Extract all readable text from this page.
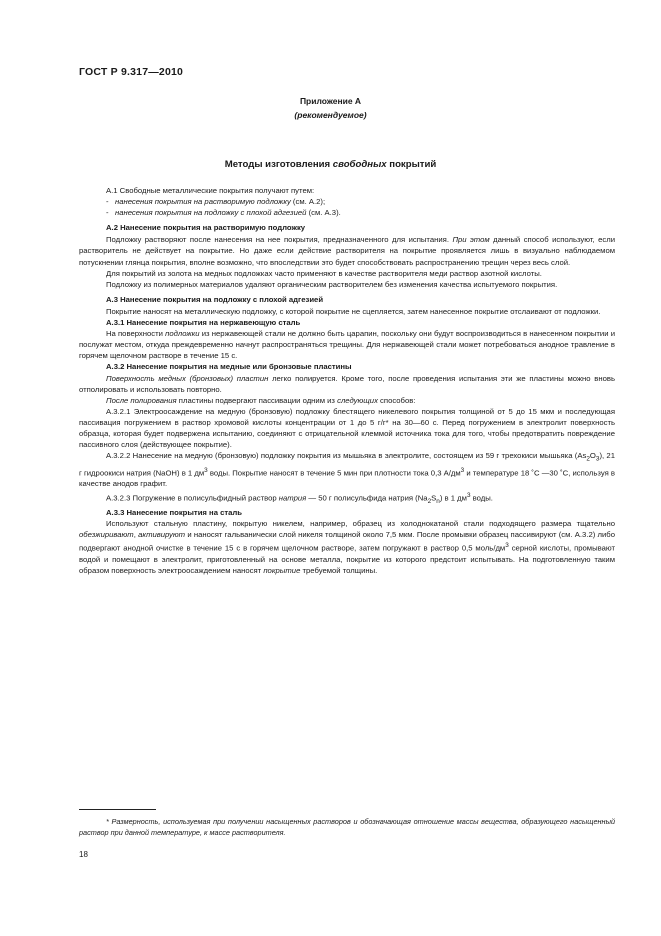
ГОСТ Р 9.317—2010
Приложение А
(рекомендуемое)
Методы изготовления свободных покрытий

А.1 Свободные металлические покрытия получают путем:

- нанесения покрытия на растворимую подложку (см. А.2);
- нанесения покрытия на подложку с плохой адгезией (см. А.3).

А.2 Нанесение покрытия на растворимую подложку

Подложку растворяют после нанесения на нее покрытия, предназначенного для испытания. При этом данный способ используют, если растворитель не действует на покрытие. Но даже если действие растворителя на покрытие проявляется лишь в визуально наблюдаемом потускнении глянца покрытия, вполне возможно, что впоследствии это будет способствовать распространению трещин через весь слой.

Для покрытий из золота на медных подложках часто применяют в качестве растворителя меди раствор азотной кислоты.

Подложку из полимерных материалов удаляют органическим растворителем без изменения качества испытуемого покрытия.

А.3 Нанесение покрытия на подложку с плохой адгезией

Покрытие наносят на металлическую подложку, с которой покрытие не сцепляется, затем нанесенное покрытие отслаивают от подложки.

А.3.1 Нанесение покрытия на нержавеющую сталь

На поверхности подложки из нержавеющей стали не должно быть царапин, поскольку они будут воспроизводиться в нанесенном покрытии и послужат местом, откуда преждевременно начнут распространяться трещины. Для нержавеющей стали может потребоваться анодное травление в горячем щелочном растворе в течение 15 с.

А.3.2 Нанесение покрытия на медные или бронзовые пластины

Поверхность медных (бронзовых) пластин легко полируется. Кроме того, после проведения испытания эти же пластины можно вновь отполировать и использовать повторно.

После полирования пластины подвергают пассивации одним из следующих способов:

А.3.2.1 Электроосаждение на медную (бронзовую) подложку блестящего никелевого покрытия толщиной от 5 до 15 мкм и последующая пассивация погружением в раствор хромовой кислоты концентрации от 1 до 5 г/г* на 30—60 с. Перед погружением в электролит поверхность образца, которая будет подвержена испытанию, соединяют с отрицательной клеммой источника тока для того, чтобы предотвратить повреждение пассивного слоя (действующее покрытие).

А.3.2.2 Нанесение на медную (бронзовую) подложку покрытия из мышьяка в электролите, состоящем из 59 г трехокиси мышьяка $(As_2O_3)$, 21 г гидроокиси натрия (NaOH) в 1 $дм^3$ воды. Покрытие наносят в течение 5 мин при плотности тока 0,3 $А/дм^3$ и температуре 18 ˚С —30 ˚С, используя в качестве анодов графит.

А.3.2.3 Погружение в полисульфидный раствор натрия — 50 г полисульфида натрия $(Na_2S_n)$ в 1 $дм^3$ воды.

А.3.3 Нанесение покрытия на сталь

Используют стальную пластину, покрытую никелем, например, образец из холоднокатаной стали подходящего размера тщательно обезжиривают, активируют и наносят гальванически слой никеля толщиной около 7,5 мкм. После промывки образец пассивируют (см. А.3.2) либо подвергают анодной очистке в течение 15 с в горячем щелочном растворе, затем погружают в раствор 0,5 моль/$дм^3$ серной кислоты, промывают водой и помещают в электролит, приготовленный на основе металла, покрытие из которого предстоит испытывать. На подготовленную таким образом поверхность электроосаждением наносят покрытие требуемой толщины.

* Размерность, используемая при получении насыщенных растворов и обозначающая отношение массы вещества, образующего насыщенный раствор при данной температуре, к массе растворителя.
18
